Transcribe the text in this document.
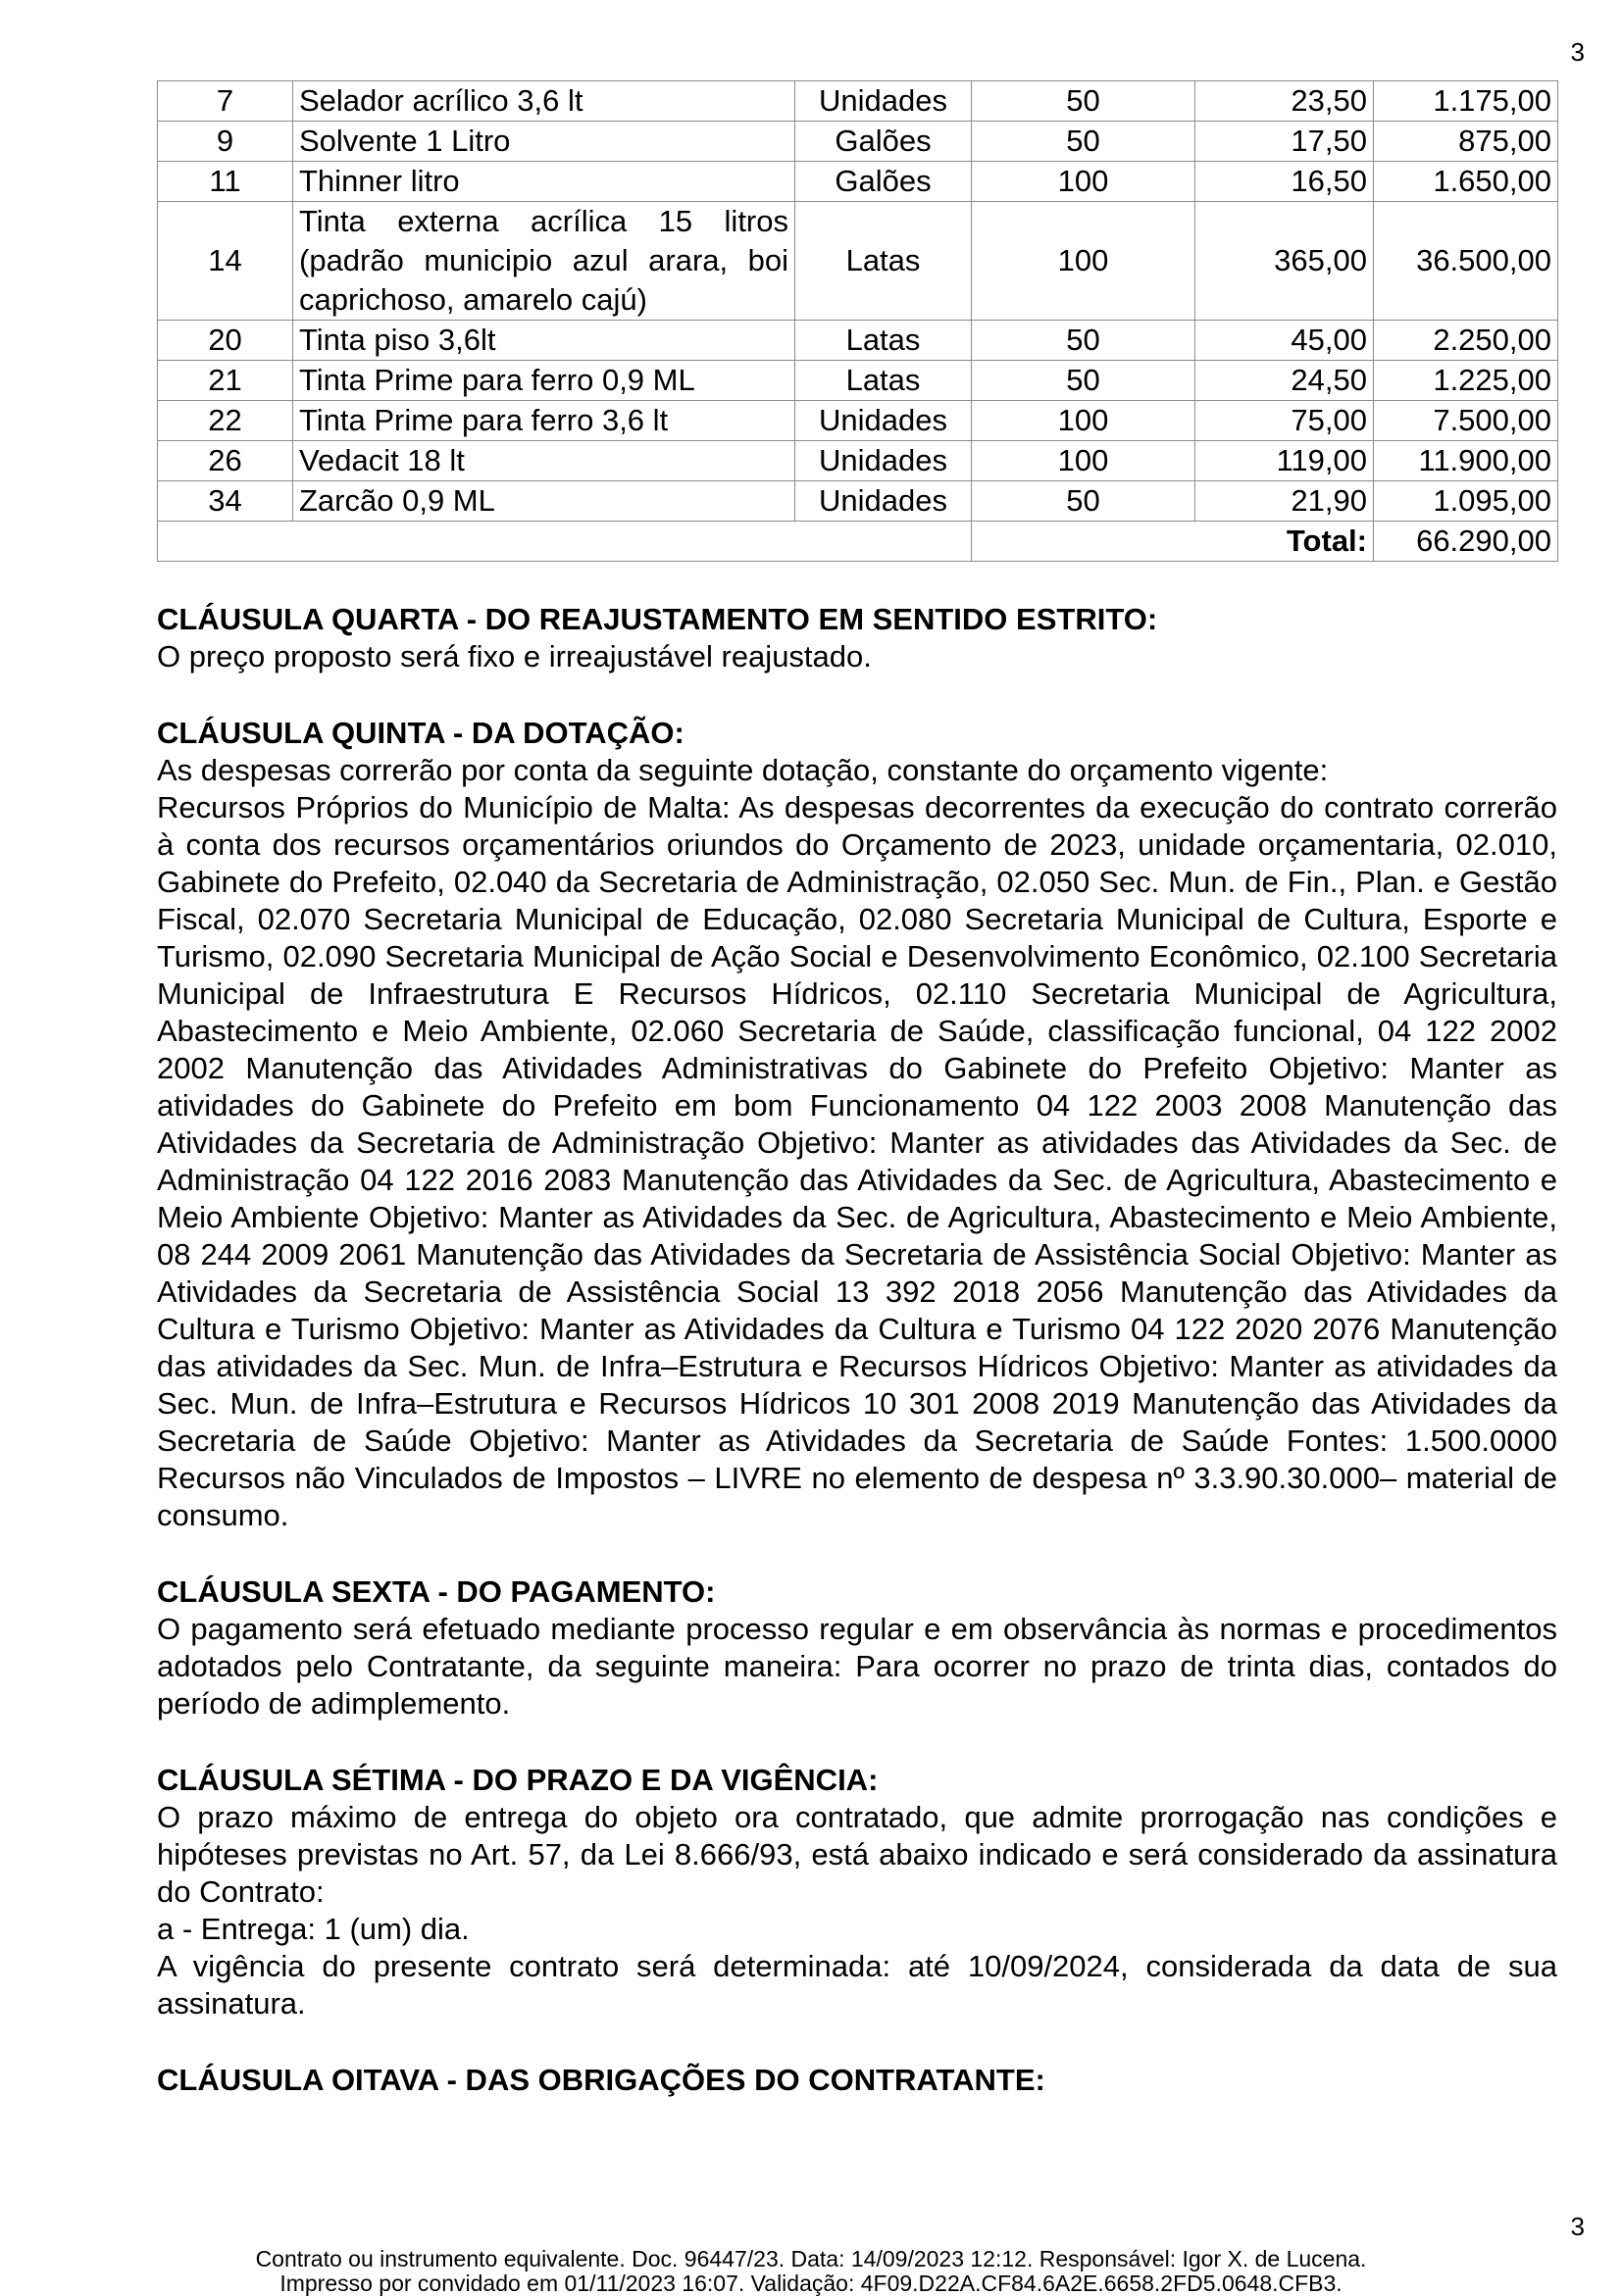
3
7	Selador acrílico 3,6 lt	Unidades	50	23,50	1.175,00
9	Solvente 1 Litro	Galões	50	17,50	875,00
11	Thinner litro	Galões	100	16,50	1.650,00
14	Tinta externa acrílica 15 litros
(padrão municipio azul arara, boi
caprichoso, amarelo cajú)	Latas	100	365,00	36.500,00
20	Tinta piso 3,6lt	Latas	50	45,00	2.250,00
21	Tinta Prime para ferro 0,9 ML	Latas	50	24,50	1.225,00
22	Tinta Prime para ferro 3,6 lt	Unidades	100	75,00	7.500,00
26	Vedacit 18 lt	Unidades	100	119,00	11.900,00
34	Zarcão 0,9 ML	Unidades	50	21,90	1.095,00
			Total:		66.290,00

CLÁUSULA QUARTA - DO REAJUSTAMENTO EM SENTIDO ESTRITO:

O preço proposto será fixo e irreajustável reajustado.

CLÁUSULA QUINTA - DA DOTAÇÃO:

As despesas correrão por conta da seguinte dotação, constante do orçamento vigente:

Recursos Próprios do Município de Malta: As despesas decorrentes da execução do contrato correrão à conta dos recursos orçamentários oriundos do Orçamento de 2023, unidade orçamentaria, 02.010, Gabinete do Prefeito, 02.040 da Secretaria de Administração, 02.050 Sec. Mun. de Fin., Plan. e Gestão Fiscal, 02.070 Secretaria Municipal de Educação, 02.080 Secretaria Municipal de Cultura, Esporte e Turismo, 02.090 Secretaria Municipal de Ação Social e Desenvolvimento Econômico, 02.100 Secretaria Municipal de Infraestrutura E Recursos Hídricos, 02.110 Secretaria Municipal de Agricultura, Abastecimento e Meio Ambiente, 02.060 Secretaria de Saúde, classificação funcional, 04 122 2002 2002 Manutenção das Atividades Administrativas do Gabinete do Prefeito Objetivo: Manter as atividades do Gabinete do Prefeito em bom Funcionamento 04 122 2003 2008 Manutenção das Atividades da Secretaria de Administração Objetivo: Manter as atividades das Atividades da Sec. de Administração 04 122 2016 2083 Manutenção das Atividades da Sec. de Agricultura, Abastecimento e Meio Ambiente Objetivo: Manter as Atividades da Sec. de Agricultura, Abastecimento e Meio Ambiente, 08 244 2009 2061 Manutenção das Atividades da Secretaria de Assistência Social Objetivo: Manter as Atividades da Secretaria de Assistência Social 13 392 2018 2056 Manutenção das Atividades da Cultura e Turismo Objetivo: Manter as Atividades da Cultura e Turismo 04 122 2020 2076 Manutenção das atividades da Sec. Mun. de Infra–Estrutura e Recursos Hídricos Objetivo: Manter as atividades da Sec. Mun. de Infra–Estrutura e Recursos Hídricos 10 301 2008 2019 Manutenção das Atividades da Secretaria de Saúde Objetivo: Manter as Atividades da Secretaria de Saúde Fontes: 1.500.0000 Recursos não Vinculados de Impostos – LIVRE no elemento de despesa nº 3.3.90.30.000– material de consumo.

CLÁUSULA SEXTA - DO PAGAMENTO:

O pagamento será efetuado mediante processo regular e em observância às normas e procedimentos adotados pelo Contratante, da seguinte maneira: Para ocorrer no prazo de trinta dias, contados do período de adimplemento.

CLÁUSULA SÉTIMA - DO PRAZO E DA VIGÊNCIA:

O prazo máximo de entrega do objeto ora contratado, que admite prorrogação nas condições e hipóteses previstas no Art. 57, da Lei 8.666/93, está abaixo indicado e será considerado da assinatura do Contrato:

a - Entrega: 1 (um) dia.

A vigência do presente contrato será determinada: até 10/09/2024, considerada da data de sua assinatura.

CLÁUSULA OITAVA - DAS OBRIGAÇÕES DO CONTRATANTE:

3
Contrato ou instrumento equivalente. Doc. 96447/23. Data: 14/09/2023 12:12. Responsável: Igor X. de Lucena.
Impresso por convidado em 01/11/2023 16:07. Validação: 4F09.D22A.CF84.6A2E.6658.2FD5.0648.CFB3.
